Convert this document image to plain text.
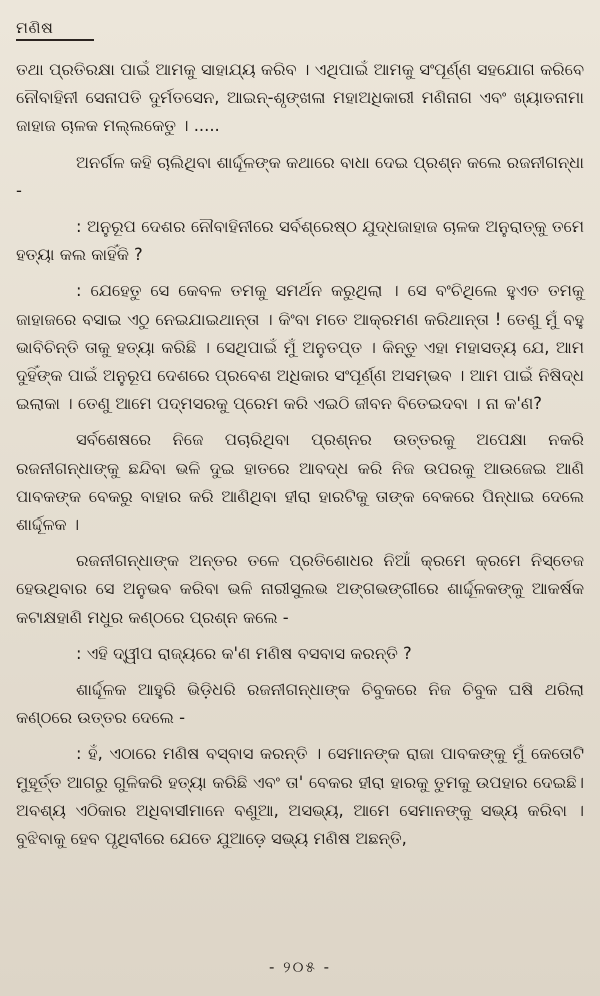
ମଣିଷ

ତଥା ପ୍ରତିରକ୍ଷା ପାଇଁ ଆମକୁ ସାହାଯ୍ୟ କରିବ । ଏଥିପାଇଁ ଆମକୁ ସଂପୂର୍ଣ୍ଣ ସହଯୋଗ କରିବେ ନୌବାହିନୀ ସେନାପତି ଦୁର୍ମତସେନ, ଆଇନ୍-ଶୃଙ୍ଖଳା ମହାଅଧିକାରୀ ମଣିନାଗ ଏବଂ ଖ୍ୟାତନାମା ଜାହାଜ ଚାଳକ ମଲ୍ଲକେତୁ । .....

ଅନର୍ଗଳ କହି ଚାଲିଥିବା ଶାର୍ଦ୍ଦୂଳଙ୍କ କଥାରେ ବାଧା ଦେଇ ପ୍ରଶ୍ନ କଲେ ରଜନୀଗନ୍ଧା -

: ଅନୁରୂପ ଦେଶର ନୌବାହିନୀରେ ସର୍ବଶ୍ରେଷ୍ଠ ଯୁଦ୍ଧଜାହାଜ ଚାଳକ ଅନୁରାତ୍‌କୁ ତମେ ହତ୍ୟା କଲ କାହିଁକି ?

: ଯେହେତୁ ସେ କେବଳ ତମକୁ ସମର୍ଥନ କରୁଥିଲା । ସେ ବଂଚିଥିଲେ ହୁଏତ ତମକୁ ଜାହାଜରେ ବସାଇ ଏଠୁ ନେଇଯାଇଥାନ୍ତା । କିଂବା ମତେ ଆକ୍ରମଣ କରିଥାନ୍ତା ! ତେଣୁ ମୁଁ ବହୁ ଭାବିଚିନ୍ତି ତାକୁ ହତ୍ୟା କରିଛି । ସେଥିପାଇଁ ମୁଁ ଅନୁତପ୍ତ । କିନ୍ତୁ ଏହା ମହାସତ୍ୟ ଯେ, ଆମ ଦୁହିଁଙ୍କ ପାଇଁ ଅନୁରୂପ ଦେଶରେ ପ୍ରବେଶ ଅଧିକାର ସଂପୂର୍ଣ୍ଣ ଅସମ୍ଭବ । ଆମ ପାଇଁ ନିଷିଦ୍ଧ ଇଲାକା । ତେଣୁ ଆମେ ପଦ୍ମସରକୁ ପ୍ରେମ କରି ଏଇଠି ଜୀବନ ବିତେଇଦବା । ନା କ'ଣ?

ସର୍ବଶେଷରେ ନିଜେ ପଚାରିଥିବା ପ୍ରଶ୍ନର ଉତ୍ତରକୁ ଅପେକ୍ଷା ନକରି ରଜନୀଗନ୍ଧାଙ୍କୁ ଛନ୍ଦିବା ଭଳି ଦୁଇ ହାତରେ ଆବଦ୍ଧ କରି ନିଜ ଉପରକୁ ଆଉଜେଇ ଆଣି ପାବକଙ୍କ ବେକରୁ ବାହାର କରି ଆଣିଥିବା ହୀରା ହାରଟିକୁ ତାଙ୍କ ବେକରେ ପିନ୍ଧାଇ ଦେଲେ ଶାର୍ଦ୍ଦୂଳକ ।

ରଜନୀଗନ୍ଧାଙ୍କ ଅନ୍ତର ତଳେ ପ୍ରତିଶୋଧର ନିଆଁ କ୍ରମେ କ୍ରମେ ନିସ୍ତେଜ ହେଉଥିବାର ସେ ଅନୁଭବ କରିବା ଭଳି ନାରୀସୁଲଭ ଅଙ୍ଗଭଙ୍ଗୀରେ ଶାର୍ଦ୍ଦୂଳକଙ୍କୁ ଆକର୍ଷକ କଟାକ୍ଷହାଣି ମଧୁର କଣ୍ଠରେ ପ୍ରଶ୍ନ କଲେ -

: ଏହି ଦ୍ୱୀପ ରାଜ୍ୟରେ କ'ଣ ମଣିଷ ବସବାସ କରନ୍ତି ?

ଶାର୍ଦ୍ଦୂଳକ ଆହୁରି ଭିଡ଼ିଧରି ରଜନୀଗନ୍ଧାଙ୍କ ଚିବୁକରେ ନିଜ ଚିବୁକ ଘଷି ଥରିଲା କଣ୍ଠରେ ଉତ୍ତର ଦେଲେ -

: ହଁ, ଏଠାରେ ମଣିଷ ବସ୍‌ବାସ କରନ୍ତି । ସେମାନଙ୍କ ରାଜା ପାବକଙ୍କୁ ମୁଁ କେତୋଟି ମୁହୂର୍ତ୍ତ ଆଗରୁ ଗୁଳିକରି ହତ୍ୟା କରିଛି ଏବଂ ତା' ବେକର ହୀରା ହାରକୁ ତୁମକୁ ଉପହାର ଦେଇଛି। ଅବଶ୍ୟ ଏଠିକାର ଅଧିବାସୀମାନେ ବଣୁଆ, ଅସଭ୍ୟ, ଆମେ ସେମାନଙ୍କୁ ସଭ୍ୟ କରିବା । ବୁଝିବାକୁ ହେବ ପୃଥିବୀରେ ଯେତେ ଯୁଆଡ଼େ ସଭ୍ୟ ମଣିଷ ଅଛନ୍ତି,

- ୨୦୫ -
